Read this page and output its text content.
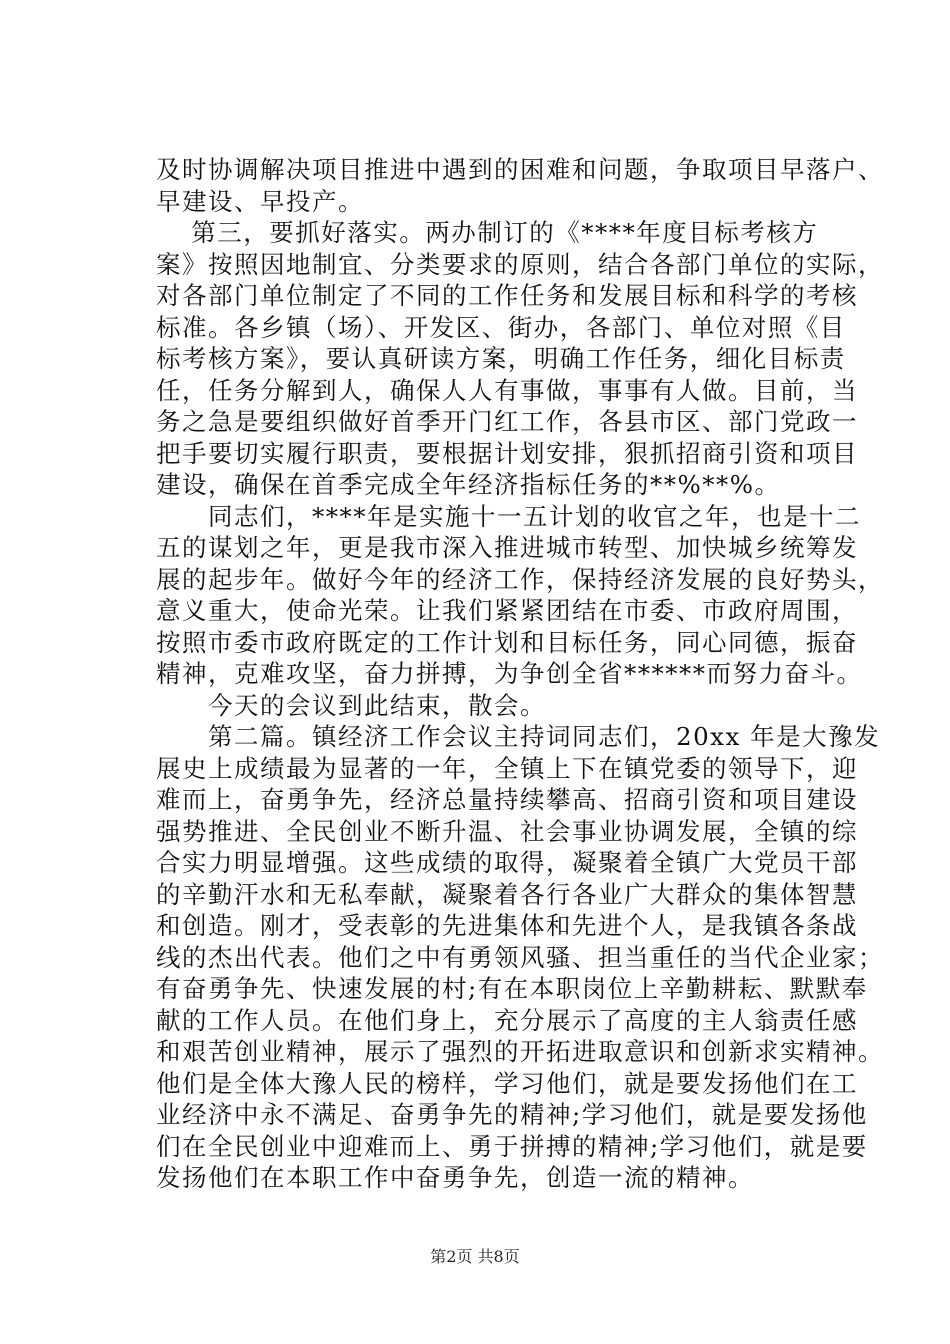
及时协调解决项目推进中遇到的困难和问题，争取项目早落户、
早建设、早投产。
　 第三，要抓好落实。两办制订的《****年度目标考核方
案》按照因地制宜、分类要求的原则，结合各部门单位的实际，
对各部门单位制定了不同的工作任务和发展目标和科学的考核
标准。各乡镇（场）、开发区、街办，各部门、单位对照《目
标考核方案》，要认真研读方案，明确工作任务，细化目标责
任，任务分解到人，确保人人有事做，事事有人做。目前，当
务之急是要组织做好首季开门红工作，各县市区、部门党政一
把手要切实履行职责，要根据计划安排，狠抓招商引资和项目
建设，确保在首季完成全年经济指标任务的**%**%。
　　同志们，****年是实施十一五计划的收官之年，也是十二
五的谋划之年，更是我市深入推进城市转型、加快城乡统筹发
展的起步年。做好今年的经济工作，保持经济发展的良好势头，
意义重大，使命光荣。让我们紧紧团结在市委、市政府周围，
按照市委市政府既定的工作计划和目标任务，同心同德，振奋
精神，克难攻坚，奋力拼搏，为争创全省******而努力奋斗。
　　今天的会议到此结束，散会。
　　第二篇。镇经济工作会议主持词同志们，20xx 年是大豫发
展史上成绩最为显著的一年，全镇上下在镇党委的领导下，迎
难而上，奋勇争先，经济总量持续攀高、招商引资和项目建设
强势推进、全民创业不断升温、社会事业协调发展，全镇的综
合实力明显增强。这些成绩的取得，凝聚着全镇广大党员干部
的辛勤汗水和无私奉献，凝聚着各行各业广大群众的集体智慧
和创造。刚才，受表彰的先进集体和先进个人，是我镇各条战
线的杰出代表。他们之中有勇领风骚、担当重任的当代企业家；
有奋勇争先、快速发展的村;有在本职岗位上辛勤耕耘、默默奉
献的工作人员。在他们身上，充分展示了高度的主人翁责任感
和艰苦创业精神，展示了强烈的开拓进取意识和创新求实精神。
他们是全体大豫人民的榜样，学习他们，就是要发扬他们在工
业经济中永不满足、奋勇争先的精神;学习他们，就是要发扬他
们在全民创业中迎难而上、勇于拼搏的精神;学习他们，就是要
发扬他们在本职工作中奋勇争先，创造一流的精神。
第2页 共8页
